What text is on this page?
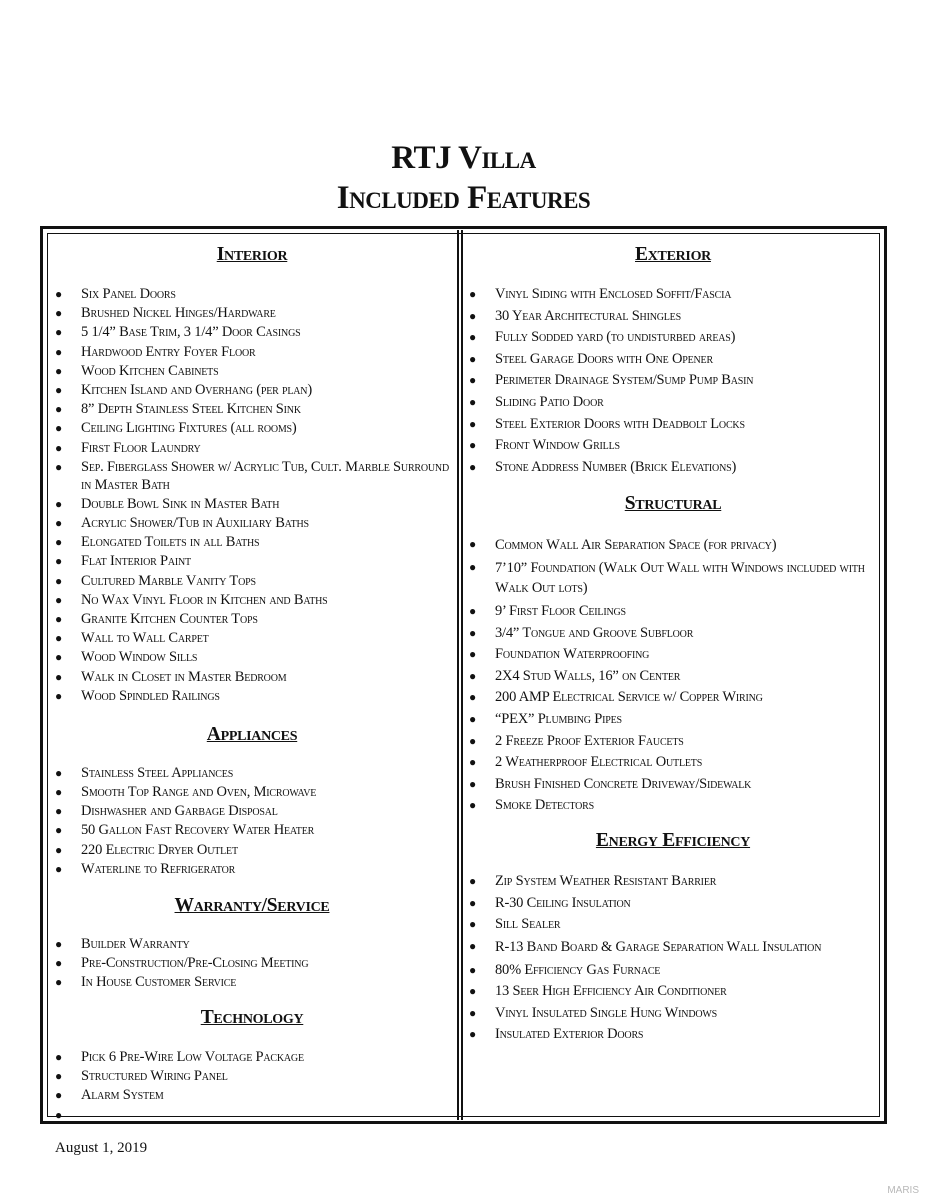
RTJ Villa
Included Features
Interior
● Six Panel Doors
● Brushed Nickel Hinges/Hardware
● 5 1/4” Base Trim, 3 1/4” Door Casings
● Hardwood Entry Foyer Floor
● Wood Kitchen Cabinets
● Kitchen Island and Overhang (per plan)
● 8” Depth Stainless Steel Kitchen Sink
● Ceiling Lighting Fixtures (all rooms)
● First Floor Laundry
● Sep. Fiberglass Shower w/ Acrylic Tub, Cult. Marble Surround in Master Bath
● Double Bowl Sink in Master Bath
● Acrylic Shower/Tub in Auxiliary Baths
● Elongated Toilets in all Baths
● Flat Interior Paint
● Cultured Marble Vanity Tops
● No Wax Vinyl Floor in Kitchen and Baths
● Granite Kitchen Counter Tops
● Wall to Wall Carpet
● Wood Window Sills
● Walk in Closet in Master Bedroom
● Wood Spindled Railings
Appliances
● Stainless Steel Appliances
● Smooth Top Range and Oven, Microwave
● Dishwasher and Garbage Disposal
● 50 Gallon Fast Recovery Water Heater
● 220 Electric Dryer Outlet
● Waterline to Refrigerator
Warranty/Service
● Builder Warranty
● Pre-Construction/Pre-Closing Meeting
● In House Customer Service
Technology
● Pick 6 Pre-Wire Low Voltage Package
● Structured Wiring Panel
● Alarm System
●
Exterior
● Vinyl Siding with Enclosed Soffit/Fascia
● 30 Year Architectural Shingles
● Fully Sodded yard (to undisturbed areas)
● Steel Garage Doors with One Opener
● Perimeter Drainage System/Sump Pump Basin
● Sliding Patio Door
● Steel Exterior Doors with Deadbolt Locks
● Front Window Grills
● Stone Address Number (Brick Elevations)
Structural
● Common Wall Air Separation Space (for privacy)
● 7’10” Foundation (Walk Out Wall with Windows included with Walk Out lots)
● 9’ First Floor Ceilings
● 3/4” Tongue and Groove Subfloor
● Foundation Waterproofing
● 2X4 Stud Walls, 16” on Center
● 200 AMP Electrical Service w/ Copper Wiring
● “PEX” Plumbing Pipes
● 2 Freeze Proof Exterior Faucets
● 2 Weatherproof Electrical Outlets
● Brush Finished Concrete Driveway/Sidewalk
● Smoke Detectors
Energy Efficiency
● Zip System Weather Resistant Barrier
● R-30 Ceiling Insulation
● Sill Sealer
● R-13 Band Board & Garage Separation Wall Insulation
● 80% Efficiency Gas Furnace
● 13 Seer High Efficiency Air Conditioner
● Vinyl Insulated Single Hung Windows
● Insulated Exterior Doors
August 1, 2019
MARIS
